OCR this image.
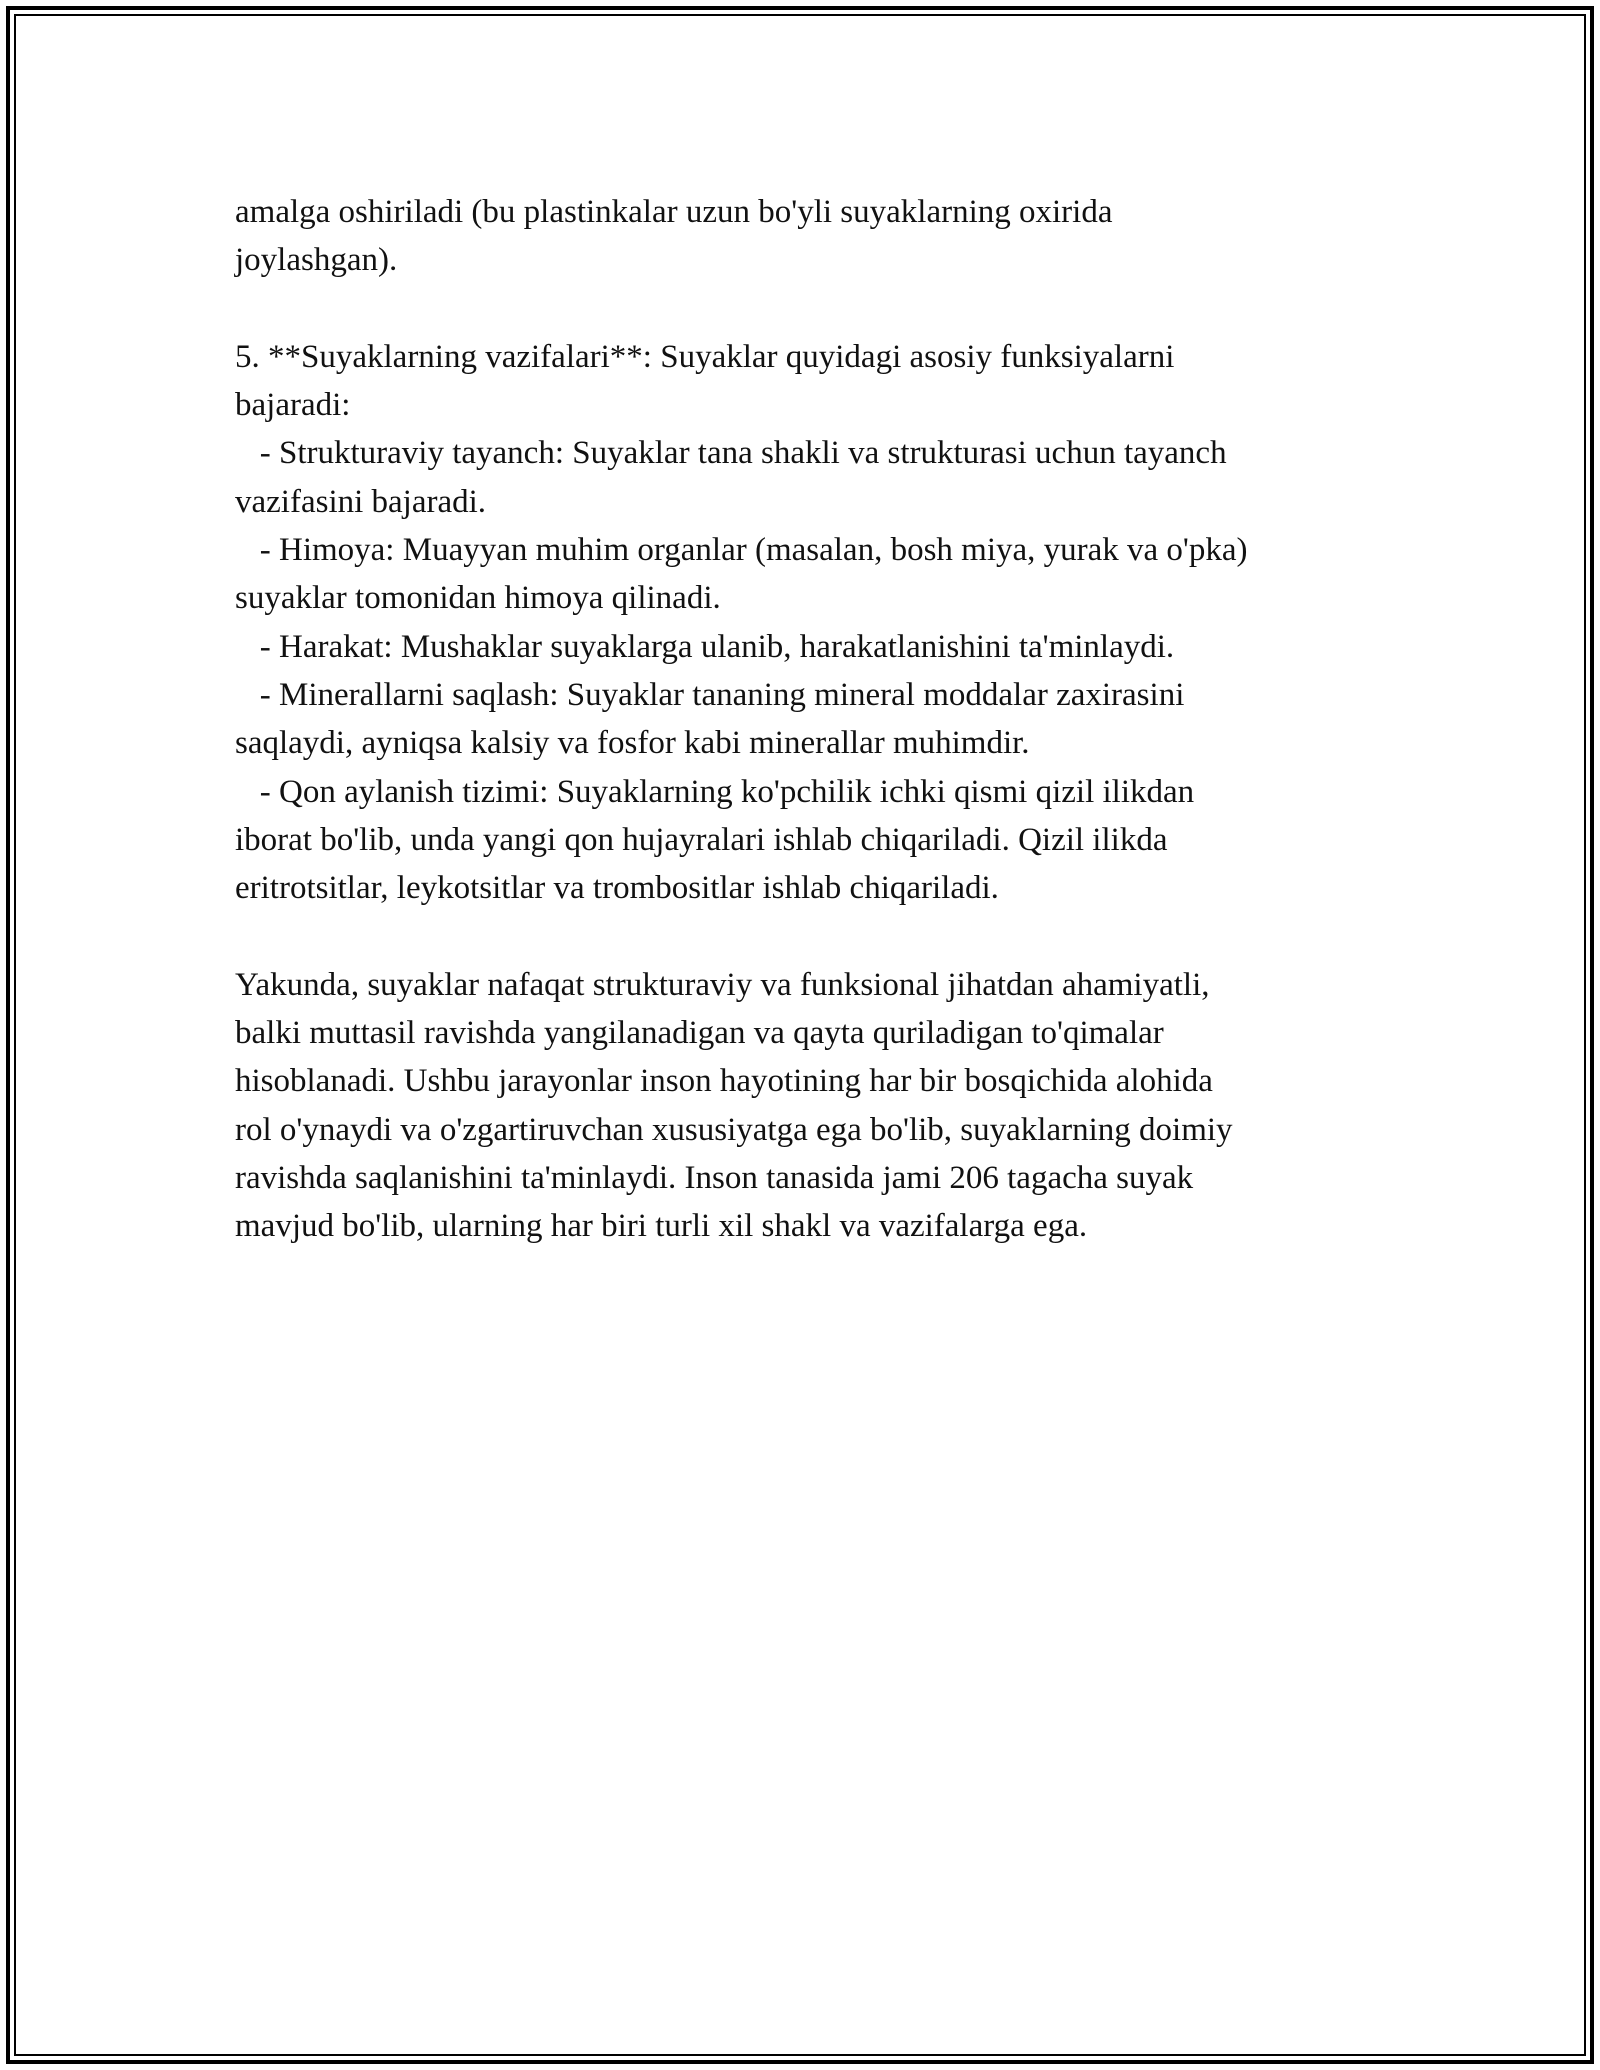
amalga oshiriladi (bu plastinkalar uzun bo'yli suyaklarning oxirida
joylashgan).
5. **Suyaklarning vazifalari**: Suyaklar quyidagi asosiy funksiyalarni
bajaradi:
- Strukturaviy tayanch: Suyaklar tana shakli va strukturasi uchun tayanch
vazifasini bajaradi.
- Himoya: Muayyan muhim organlar (masalan, bosh miya, yurak va o'pka)
suyaklar tomonidan himoya qilinadi.
- Harakat: Mushaklar suyaklarga ulanib, harakatlanishini ta'minlaydi.
- Minerallarni saqlash: Suyaklar tananing mineral moddalar zaxirasini
saqlaydi, ayniqsa kalsiy va fosfor kabi minerallar muhimdir.
- Qon aylanish tizimi: Suyaklarning ko'pchilik ichki qismi qizil ilikdan
iborat bo'lib, unda yangi qon hujayralari ishlab chiqariladi. Qizil ilikda
eritrotsitlar, leykotsitlar va trombositlar ishlab chiqariladi.
Yakunda, suyaklar nafaqat strukturaviy va funksional jihatdan ahamiyatli,
balki muttasil ravishda yangilanadigan va qayta quriladigan to'qimalar
hisoblanadi. Ushbu jarayonlar inson hayotining har bir bosqichida alohida
rol o'ynaydi va o'zgartiruvchan xususiyatga ega bo'lib, suyaklarning doimiy
ravishda saqlanishini ta'minlaydi. Inson tanasida jami 206 tagacha suyak
mavjud bo'lib, ularning har biri turli xil shakl va vazifalarga ega.
